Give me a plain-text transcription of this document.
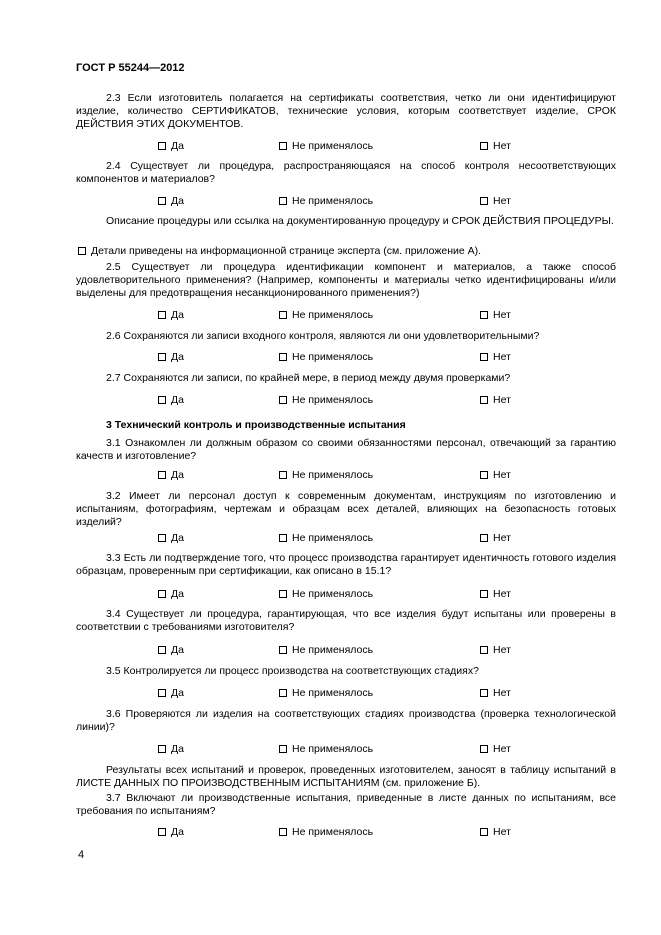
ГОСТ Р 55244—2012
2.3 Если изготовитель полагается на сертификаты соответствия, четко ли они идентифицируют изделие, количество СЕРТИФИКАТОВ, технические условия, которым соответствует изделие, СРОК ДЕЙСТВИЯ ЭТИХ ДОКУМЕНТОВ.
Да	Не применялось	Нет
2.4 Существует ли процедура, распространяющаяся на способ контроля несоответствующих компонентов и материалов?
Да	Не применялось	Нет
Описание процедуры или ссылка на документированную процедуру и СРОК ДЕЙСТВИЯ ПРОЦЕДУРЫ.
Детали приведены на информационной странице эксперта (см. приложение А).
2.5 Существует ли процедура идентификации компонент и материалов, а также способ удовлетворительного применения? (Например, компоненты и материалы четко идентифицированы и/или выделены для предотвращения несанкционированного применения?)
Да	Не применялось	Нет
2.6 Сохраняются ли записи входного контроля, являются ли они удовлетворительными?
Да	Не применялось	Нет
2.7 Сохраняются ли записи, по крайней мере, в период между двумя проверками?
Да	Не применялось	Нет
3 Технический контроль и производственные испытания
3.1 Ознакомлен ли должным образом со своими обязанностями персонал, отвечающий за гарантию качеств и изготовление?
Да	Не применялось	Нет
3.2 Имеет ли персонал доступ к современным документам, инструкциям по изготовлению и испытаниям, фотографиям, чертежам и образцам всех деталей, влияющих на безопасность готовых изделий?
Да	Не применялось	Нет
3.3 Есть ли подтверждение того, что процесс производства гарантирует идентичность готового изделия образцам, проверенным при сертификации, как описано в 15.1?
Да	Не применялось	Нет
3.4 Существует ли процедура, гарантирующая, что все изделия будут испытаны или проверены в соответствии с требованиями изготовителя?
Да	Не применялось	Нет
3.5 Контролируется ли процесс производства на соответствующих стадиях?
Да	Не применялось	Нет
3.6 Проверяются ли изделия на соответствующих стадиях производства (проверка технологической линии)?
Да	Не применялось	Нет
Результаты всех испытаний и проверок, проведенных изготовителем, заносят в таблицу испытаний в ЛИСТЕ ДАННЫХ ПО ПРОИЗВОДСТВЕННЫМ ИСПЫТАНИЯМ (см. приложение Б).
3.7 Включают ли производственные испытания, приведенные в листе данных по испытаниям, все требования по испытаниям?
Да	Не применялось	Нет
4
